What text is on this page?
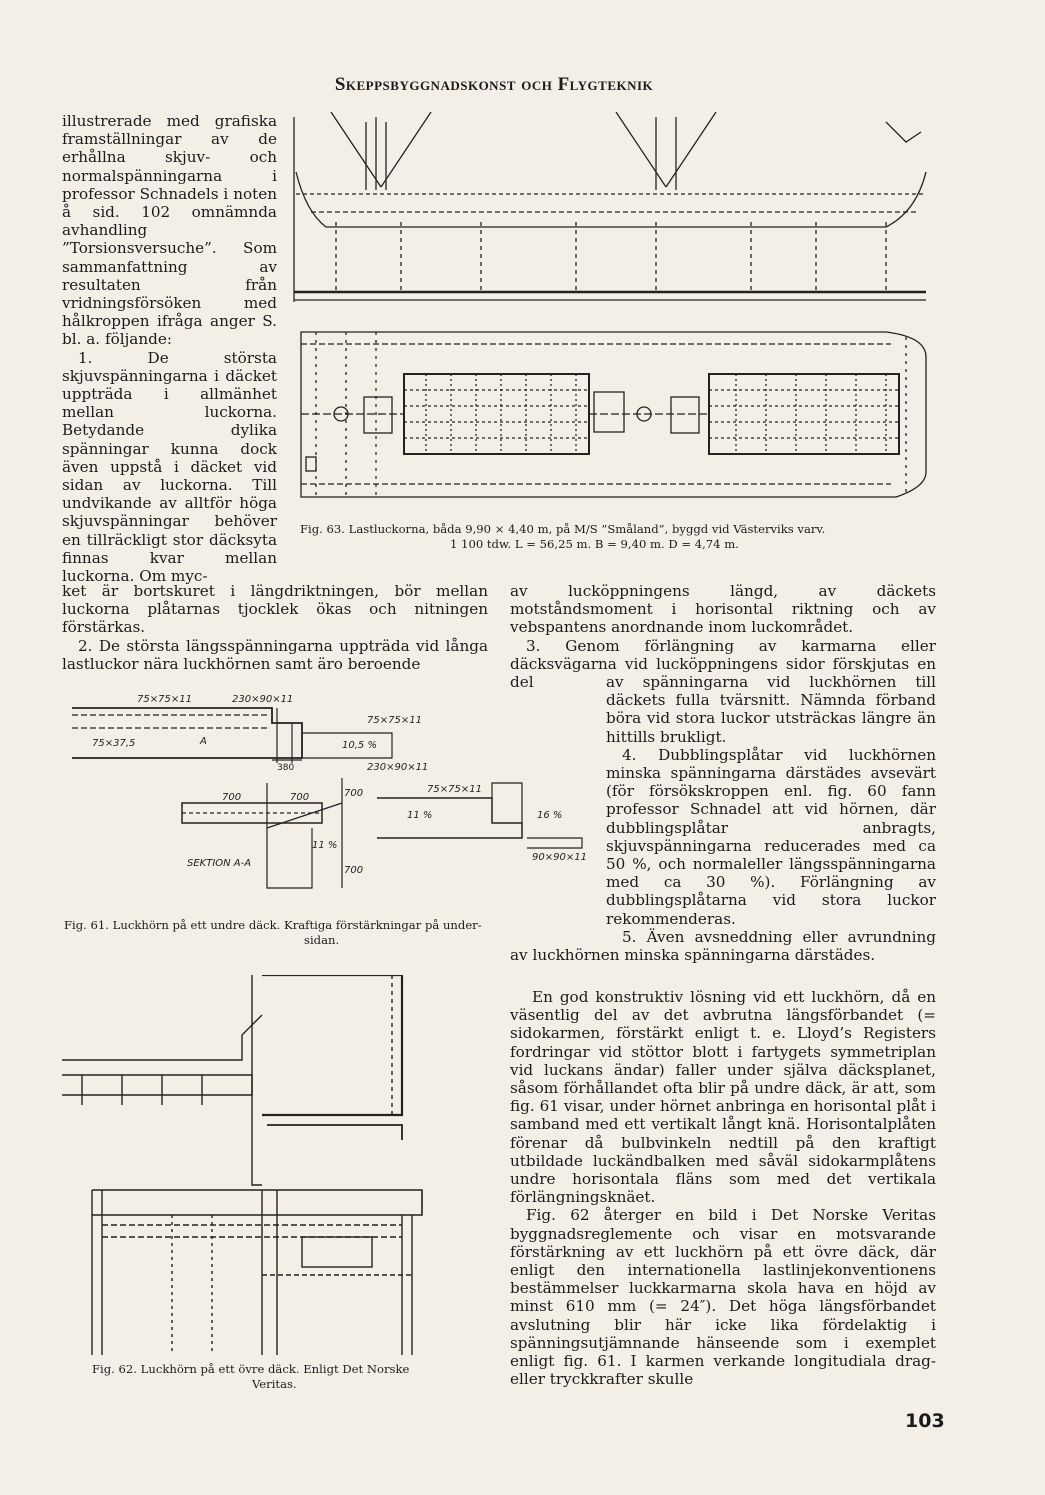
Skeppsbyggnadskonst och Flygteknik

illustrerade med grafiska framställningar av de erhållna skjuv- och normalspänningarna i professor Schnadels i noten å sid. 102 omnämnda avhandling ”Torsionsversuche”. Som sammanfattning av resultaten från vridningsförsöken med hålkroppen ifråga anger S. bl. a. följande:

1. De största skjuvspänningarna i däcket uppträda i allmänhet mellan luckorna. Betydande dylika spänningar kunna dock även uppstå i däcket vid sidan av luckorna. Till undvikande av alltför höga skjuvspänningar behöver en tillräckligt stor däcksyta finnas kvar mellan luckorna. Om myc-

Fig. 63. Lastluckorna, båda 9,90 × 4,40 m, på M/S ”Småland”, byggd vid Västerviks varv.
1 100 tdw. L = 56,25 m. B = 9,40 m. D = 4,74 m.

ket är bortskuret i längdriktningen, bör mellan luckorna plåtarnas tjocklek ökas och nitningen förstärkas.

2. De största längsspänningarna uppträda vid långa lastluckor nära luckhörnen samt äro beroende

75×75×11	230×90×11
75×37,5	A
75×75×11
10,5 %
230×90×11
380
700	700	700
SEKTION A-A
11 %
700
75×75×11
16 %
11 %
90×90×11
Fig. 61. Luckhörn på ett undre däck. Kraftiga förstärkningar på under-
sidan.

av lucköppningens längd, av däckets motståndsmoment i horisontal riktning och av vebspantens anordnande inom luckområdet.

3. Genom förlängning av karmarna eller däcksvägarna vid lucköppningens sidor förskjutas en del	av spänningarna vid luckhörnen till däckets fulla tvärsnitt. Nämnda förband böra vid stora luckor utsträckas längre än hittills brukligt.

4. Dubblingsplåtar vid luckhörnen minska spänningarna därstädes avsevärt (för försökskroppen enl. fig. 60 fann professor Schnadel att vid hörnen, där dubblingsplåtar anbragts, skjuvspänningarna reducerades med ca 50 %, och normaleller längsspänningarna med ca 30 %). Förlängning av dubblingsplåtarna vid stora luckor rekommenderas.

5. Även avsneddning eller avrundning av luckhörnen minska spänningarna därstädes.

Fig. 62. Luckhörn på ett övre däck. Enligt Det Norske
Veritas.

En god konstruktiv lösning vid ett luckhörn, då en väsentlig del av det avbrutna längsförbandet (= sidokarmen, förstärkt enligt t. e. Lloyd’s Registers fordringar vid stöttor blott i fartygets symmetriplan vid luckans ändar) faller under själva däcksplanet, såsom förhållandet ofta blir på undre däck, är att, som fig. 61 visar, under hörnet anbringa en horisontal plåt i samband med ett vertikalt långt knä. Horisontalplåten förenar då bulbvinkeln nedtill på den kraftigt utbildade luckändbalken med såväl sidokarmplåtens undre horisontala fläns som med det vertikala förlängningsknäet.

Fig. 62 återger en bild i Det Norske Veritas byggnadsreglemente och visar en motsvarande förstärkning av ett luckhörn på ett övre däck, där enligt den internationella lastlinjekonventionens bestämmelser luckkarmarna skola hava en höjd av minst 610 mm (= 24″). Det höga längsförbandet avslutning blir här icke lika fördelaktig i spänningsutjämnande hänseende som i exemplet enligt fig. 61. I karmen verkande longitudiala drag- eller tryckkrafter skulle

103
